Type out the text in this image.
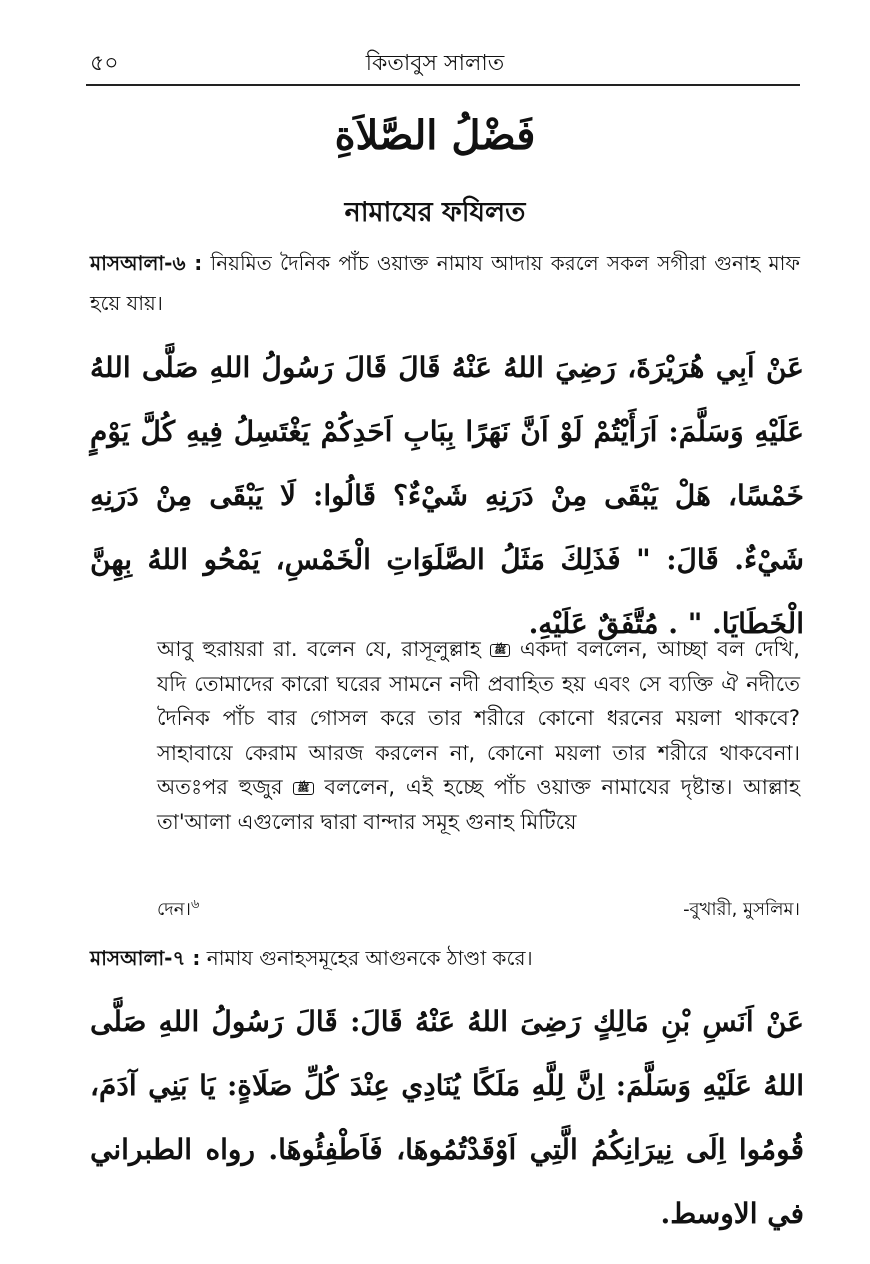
৫০	কিতাবুস সালাত
فَضْلُ الصَّلاَةِ
নামাযের ফযিলত
মাসআলা-৬ : নিয়মিত দৈনিক পাঁচ ওয়াক্ত নামায আদায় করলে সকল সগীরা গুনাহ মাফ হয়ে যায়।
عَنْ اَبِي هُرَيْرَةَ، رَضِيَ اللهُ عَنْهُ قَالَ قَالَ رَسُولُ اللهِ صَلَّى اللهُ عَلَيْهِ وَسَلَّمَ: اَرَأَيْتُمْ لَوْ اَنَّ نَهَرًا بِبَابِ اَحَدِكُمْ يَغْتَسِلُ فِيهِ كُلَّ يَوْمٍ خَمْسًا، هَلْ يَبْقَى مِنْ دَرَنِهِ شَيْءٌ؟ قَالُوا: لَا يَبْقَى مِنْ دَرَنِهِ شَيْءٌ. قَالَ: " فَذَلِكَ مَثَلُ الصَّلَوَاتِ الْخَمْسِ، يَمْحُو اللهُ بِهِنَّ الْخَطَايَا. " . مُتَّفَقٌ عَلَيْهِ.
আবু হুরায়রা রা. বলেন যে, রাসূলুল্লাহ ﷺ একদা বললেন, আচ্ছা বল দেখি, যদি তোমাদের কারো ঘরের সামনে নদী প্রবাহিত হয় এবং সে ব্যক্তি ঐ নদীতে দৈনিক পাঁচ বার গোসল করে তার শরীরে কোনো ধরনের ময়লা থাকবে? সাহাবায়ে কেরাম আরজ করলেন না, কোনো ময়লা তার শরীরে থাকবেনা। অতঃপর হুজুর ﷺ বললেন, এই হচ্ছে পাঁচ ওয়াক্ত নামাযের দৃষ্টান্ত। আল্লাহ তা'আলা এগুলোর দ্বারা বান্দার সমূহ গুনাহ মিটিয়ে
দেন।$^৬$	-বুখারী, মুসলিম।
মাসআলা-৭ : নামায গুনাহসমূহের আগুনকে ঠাণ্ডা করে।
عَنْ اَنَسِ بْنِ مَالِكٍ رَضِىَ اللهُ عَنْهُ قَالَ: قَالَ رَسُولُ اللهِ صَلَّى اللهُ عَلَيْهِ وَسَلَّمَ: اِنَّ لِلَّهِ مَلَكًا يُنَادِي عِنْدَ كُلِّ صَلَاةٍ: يَا بَنِي آدَمَ، قُومُوا اِلَى نِيرَانِكُمُ الَّتِي اَوْقَدْتُمُوهَا، فَاَطْفِئُوهَا. رواه الطبراني في الاوسط.
